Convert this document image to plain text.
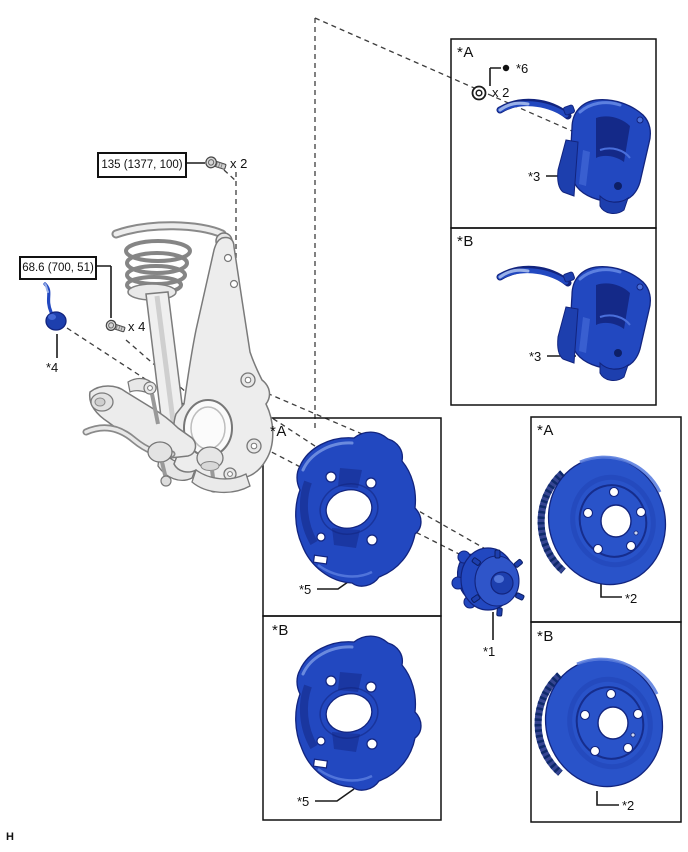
135 (1377, 100)
68.6 (700, 51)
x 2
x 4
x 2
*6
*3
*3
*4
*5
*5
*1
*2
*2
*A
*B
*A
*B
*A
*B
H
